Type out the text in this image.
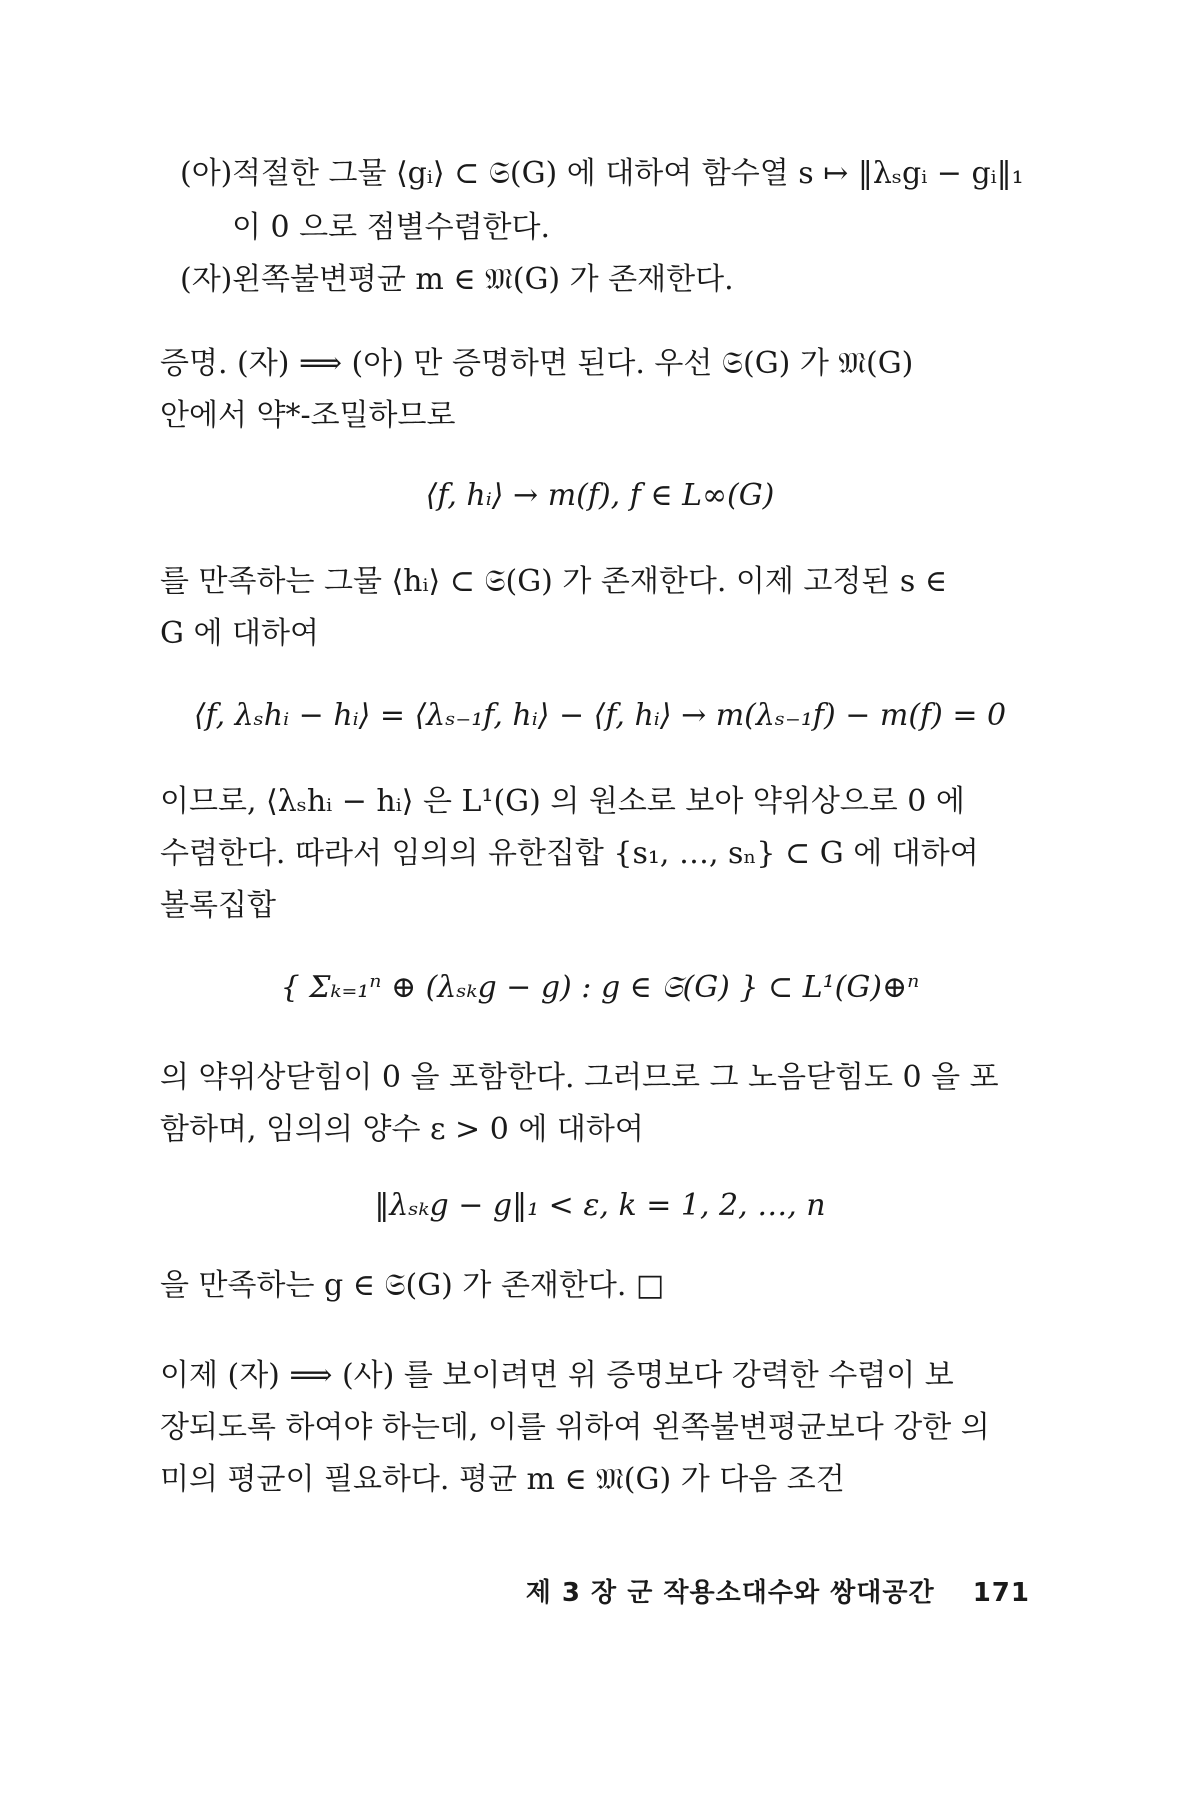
(아) 적절한 그물 ⟨gᵢ⟩ ⊂ 𝔖(G) 에 대하여 함수열 s ↦ ‖λₛgᵢ − gᵢ‖₁

이 0 으로 점별수렴한다.

(자) 왼쪽불변평균 m ∈ 𝔐(G) 가 존재한다.

증명. (자) ⟹ (아) 만 증명하면 된다. 우선 𝔖(G) 가 𝔐(G)

안에서 약*-조밀하므로

⟨f, hᵢ⟩ → m(f), f ∈ L∞(G)

를 만족하는 그물 ⟨hᵢ⟩ ⊂ 𝔖(G) 가 존재한다. 이제 고정된 s ∈

G 에 대하여

⟨f, λₛhᵢ − hᵢ⟩ = ⟨λₛ₋₁f, hᵢ⟩ − ⟨f, hᵢ⟩ → m(λₛ₋₁f) − m(f) = 0

이므로, ⟨λₛhᵢ − hᵢ⟩ 은 L¹(G) 의 원소로 보아 약위상으로 0 에

수렴한다. 따라서 임의의 유한집합 {s₁, …, sₙ} ⊂ G 에 대하여

볼록집합

{ Σₖ₌₁ⁿ ⊕ (λₛₖg − g) : g ∈ 𝔖(G) } ⊂ L¹(G)⊕ⁿ

의 약위상닫힘이 0 을 포함한다. 그러므로 그 노음닫힘도 0 을 포

함하며, 임의의 양수 ε > 0 에 대하여

‖λₛₖg − g‖₁ < ε, k = 1, 2, …, n

을 만족하는 g ∈ 𝔖(G) 가 존재한다. □

이제 (자) ⟹ (사) 를 보이려면 위 증명보다 강력한 수렴이 보

장되도록 하여야 하는데, 이를 위하여 왼쪽불변평균보다 강한 의

미의 평균이 필요하다. 평균 m ∈ 𝔐(G) 가 다음 조건

제 3 장 군 작용소대수와 쌍대공간 171
